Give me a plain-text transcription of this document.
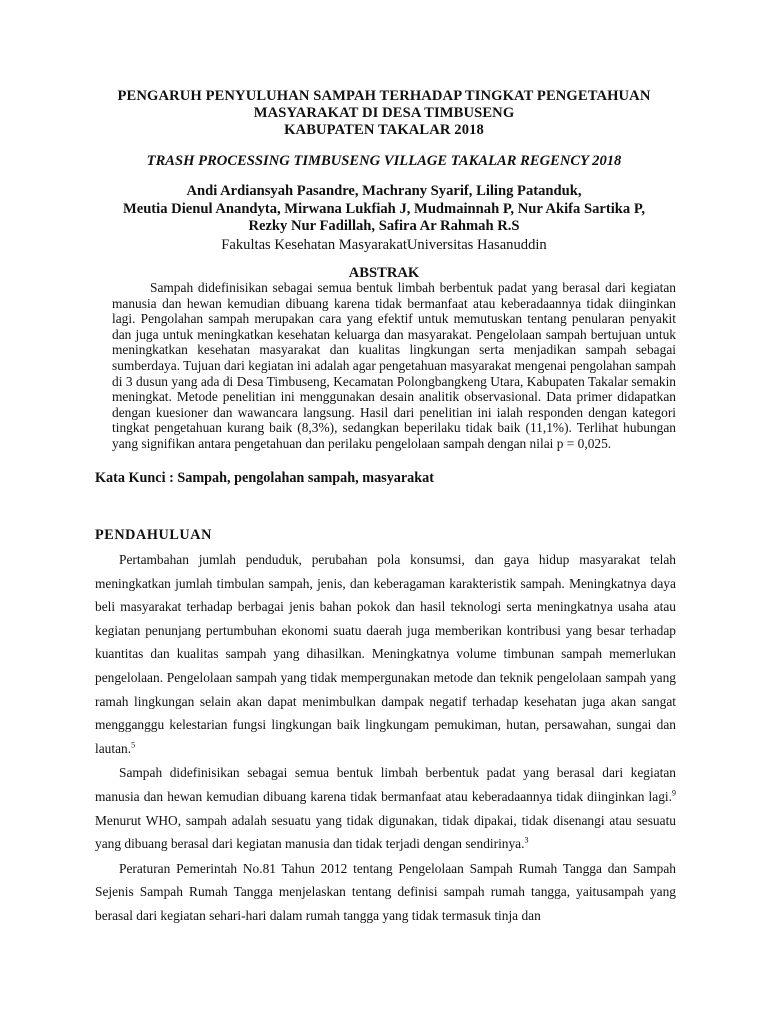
PENGARUH PENYULUHAN SAMPAH TERHADAP TINGKAT PENGETAHUAN
MASYARAKAT DI DESA TIMBUSENG
KABUPATEN TAKALAR 2018
TRASH PROCESSING TIMBUSENG VILLAGE TAKALAR REGENCY 2018
Andi Ardiansyah Pasandre, Machrany Syarif, Liling Patanduk,
Meutia Dienul Anandyta, Mirwana Lukfiah J, Mudmainnah P, Nur Akifa Sartika P,
Rezky Nur Fadillah, Safira Ar Rahmah R.S
Fakultas Kesehatan MasyarakatUniversitas Hasanuddin
ABSTRAK
Sampah didefinisikan sebagai semua bentuk limbah berbentuk padat yang berasal dari kegiatan manusia dan hewan kemudian dibuang karena tidak bermanfaat atau keberadaannya tidak diinginkan lagi. Pengolahan sampah merupakan cara yang efektif untuk memutuskan tentang penularan penyakit dan juga untuk meningkatkan kesehatan keluarga dan masyarakat. Pengelolaan sampah bertujuan untuk meningkatkan kesehatan masyarakat dan kualitas lingkungan serta menjadikan sampah sebagai sumberdaya. Tujuan dari kegiatan ini adalah agar pengetahuan masyarakat mengenai pengolahan sampah di 3 dusun yang ada di Desa Timbuseng, Kecamatan Polongbangkeng Utara, Kabupaten Takalar semakin meningkat. Metode penelitian ini menggunakan desain analitik observasional. Data primer didapatkan dengan kuesioner dan wawancara langsung. Hasil dari penelitian ini ialah responden dengan kategori tingkat pengetahuan kurang baik (8,3%), sedangkan beperilaku tidak baik (11,1%). Terlihat hubungan yang signifikan antara pengetahuan dan perilaku pengelolaan sampah dengan nilai p = 0,025.
Kata Kunci : Sampah, pengolahan sampah, masyarakat
PENDAHULUAN

Pertambahan jumlah penduduk, perubahan pola konsumsi, dan gaya hidup masyarakat telah meningkatkan jumlah timbulan sampah, jenis, dan keberagaman karakteristik sampah. Meningkatnya daya beli masyarakat terhadap berbagai jenis bahan pokok dan hasil teknologi serta meningkatnya usaha atau kegiatan penunjang pertumbuhan ekonomi suatu daerah juga memberikan kontribusi yang besar terhadap kuantitas dan kualitas sampah yang dihasilkan. Meningkatnya volume timbunan sampah memerlukan pengelolaan. Pengelolaan sampah yang tidak mempergunakan metode dan teknik pengelolaan sampah yang ramah lingkungan selain akan dapat menimbulkan dampak negatif terhadap kesehatan juga akan sangat mengganggu kelestarian fungsi lingkungan baik lingkungam pemukiman, hutan, persawahan, sungai dan lautan.$^5$

Sampah didefinisikan sebagai semua bentuk limbah berbentuk padat yang berasal dari kegiatan manusia dan hewan kemudian dibuang karena tidak bermanfaat atau keberadaannya tidak diinginkan lagi.$^9$ Menurut WHO, sampah adalah sesuatu yang tidak digunakan, tidak dipakai, tidak disenangi atau sesuatu yang dibuang berasal dari kegiatan manusia dan tidak terjadi dengan sendirinya.$^3$

Peraturan Pemerintah No.81 Tahun 2012 tentang Pengelolaan Sampah Rumah Tangga dan Sampah Sejenis Sampah Rumah Tangga menjelaskan tentang definisi sampah rumah tangga, yaitusampah yang berasal dari kegiatan sehari-hari dalam rumah tangga yang tidak termasuk tinja dan
